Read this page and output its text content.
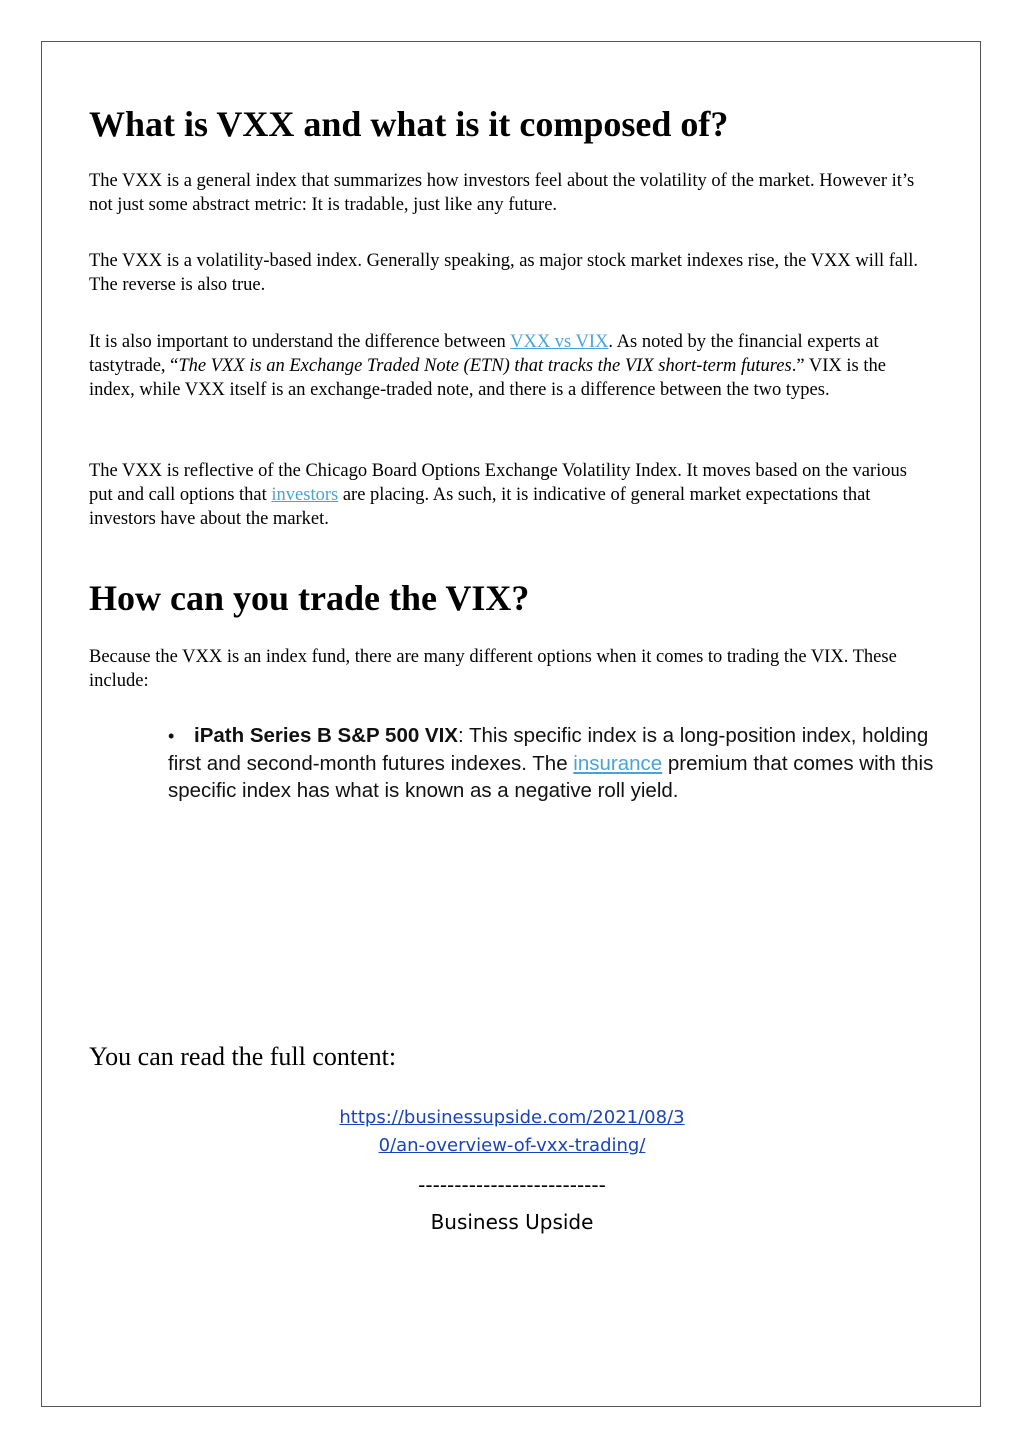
What is VXX and what is it composed of?

The VXX is a general index that summarizes how investors feel about the volatility of the market. However it’s not just some abstract metric: It is tradable, just like any future.

The VXX is a volatility-based index. Generally speaking, as major stock market indexes rise, the VXX will fall. The reverse is also true.

It is also important to understand the difference between VXX vs VIX. As noted by the financial experts at tastytrade, “The VXX is an Exchange Traded Note (ETN) that tracks the VIX short-term futures.” VIX is the index, while VXX itself is an exchange-traded note, and there is a difference between the two types.

The VXX is reflective of the Chicago Board Options Exchange Volatility Index. It moves based on the various put and call options that investors are placing. As such, it is indicative of general market expectations that investors have about the market.

How can you trade the VIX?

Because the VXX is an index fund, there are many different options when it comes to trading the VIX. These include:

• iPath Series B S&P 500 VIX: This specific index is a long-position index, holding first and second-month futures indexes. The insurance premium that comes with this specific index has what is known as a negative roll yield.
You can read the full content:
https://businessupside.com/2021/08/3
0/an-overview-of-vxx-trading/
--------------------------
Business Upside
